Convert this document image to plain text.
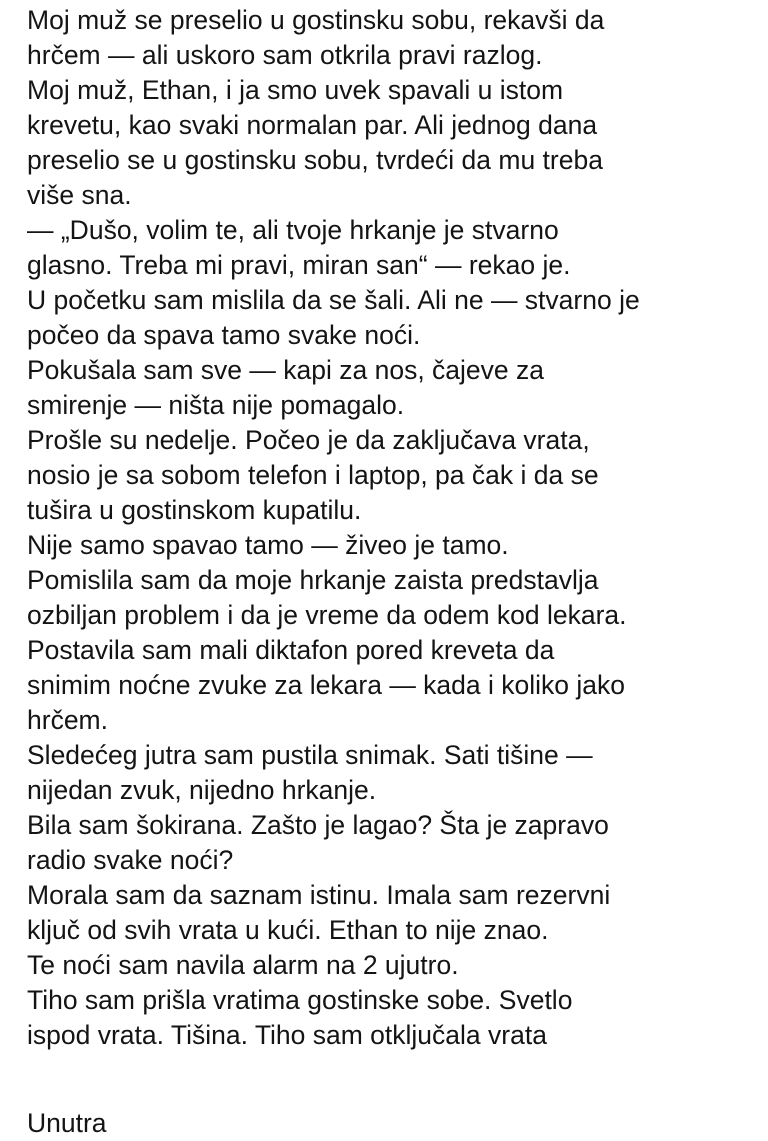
Moj muž se preselio u gostinsku sobu, rekavši da
hrčem — ali uskoro sam otkrila pravi razlog.

Moj muž, Ethan, i ja smo uvek spavali u istom
krevetu, kao svaki normalan par. Ali jednog dana
preselio se u gostinsku sobu, tvrdeći da mu treba
više sna.

— „Dušo, volim te, ali tvoje hrkanje je stvarno
glasno. Treba mi pravi, miran san“ — rekao je.

U početku sam mislila da se šali. Ali ne — stvarno je
počeo da spava tamo svake noći.

Pokušala sam sve — kapi za nos, čajeve za
smirenje — ništa nije pomagalo.

Prošle su nedelje. Počeo je da zaključava vrata,
nosio je sa sobom telefon i laptop, pa čak i da se
tušira u gostinskom kupatilu.

Nije samo spavao tamo — živeo je tamo.

Pomislila sam da moje hrkanje zaista predstavlja
ozbiljan problem i da je vreme da odem kod lekara.

Postavila sam mali diktafon pored kreveta da
snimim noćne zvuke za lekara — kada i koliko jako
hrčem.

Sledećeg jutra sam pustila snimak. Sati tišine —
nijedan zvuk, nijedno hrkanje.

Bila sam šokirana. Zašto je lagao? Šta je zapravo
radio svake noći?

Morala sam da saznam istinu. Imala sam rezervni
ključ od svih vrata u kući. Ethan to nije znao.

Te noći sam navila alarm na 2 ujutro.

Tiho sam prišla vratima gostinske sobe. Svetlo
ispod vrata. Tišina. Tiho sam otključala vrata

Unutra
